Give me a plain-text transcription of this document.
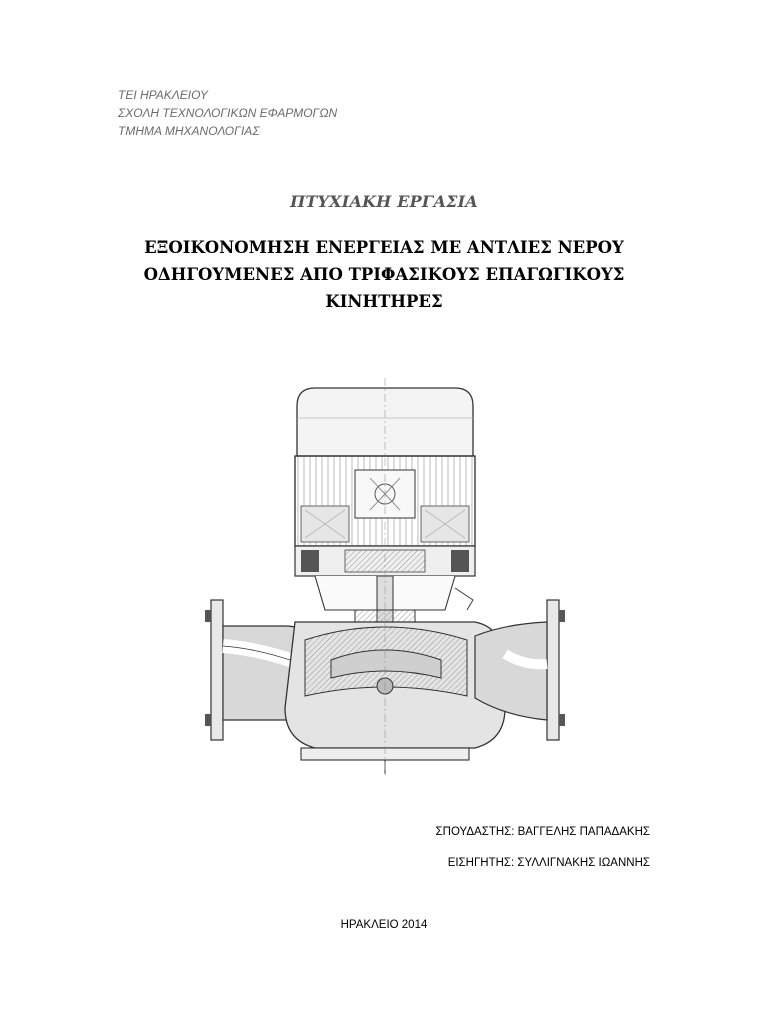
ΤΕΙ ΗΡΑΚΛΕΙΟΥ
ΣΧΟΛΗ ΤΕΧΝΟΛΟΓΙΚΩΝ ΕΦΑΡΜΟΓΩΝ
ΤΜΗΜΑ ΜΗΧΑΝΟΛΟΓΙΑΣ
ΠΤΥΧΙΑΚΗ ΕΡΓΑΣΙΑ
ΕΞΟΙΚΟΝΟΜΗΣΗ ΕΝΕΡΓΕΙΑΣ ΜΕ ΑΝΤΛΙΕΣ ΝΕΡΟΥ
ΟΔΗΓΟΥΜΕΝΕΣ ΑΠΟ ΤΡΙΦΑΣΙΚΟΥΣ ΕΠΑΓΩΓΙΚΟΥΣ
ΚΙΝΗΤΗΡΕΣ
ΣΠΟΥΔΑΣΤΗΣ: ΒΑΓΓΕΛΗΣ ΠΑΠΑΔΑΚΗΣ
ΕΙΣΗΓΗΤΗΣ: ΣΥΛΛΙΓΝΑΚΗΣ ΙΩΑΝΝΗΣ
ΗΡΑΚΛΕΙΟ 2014
